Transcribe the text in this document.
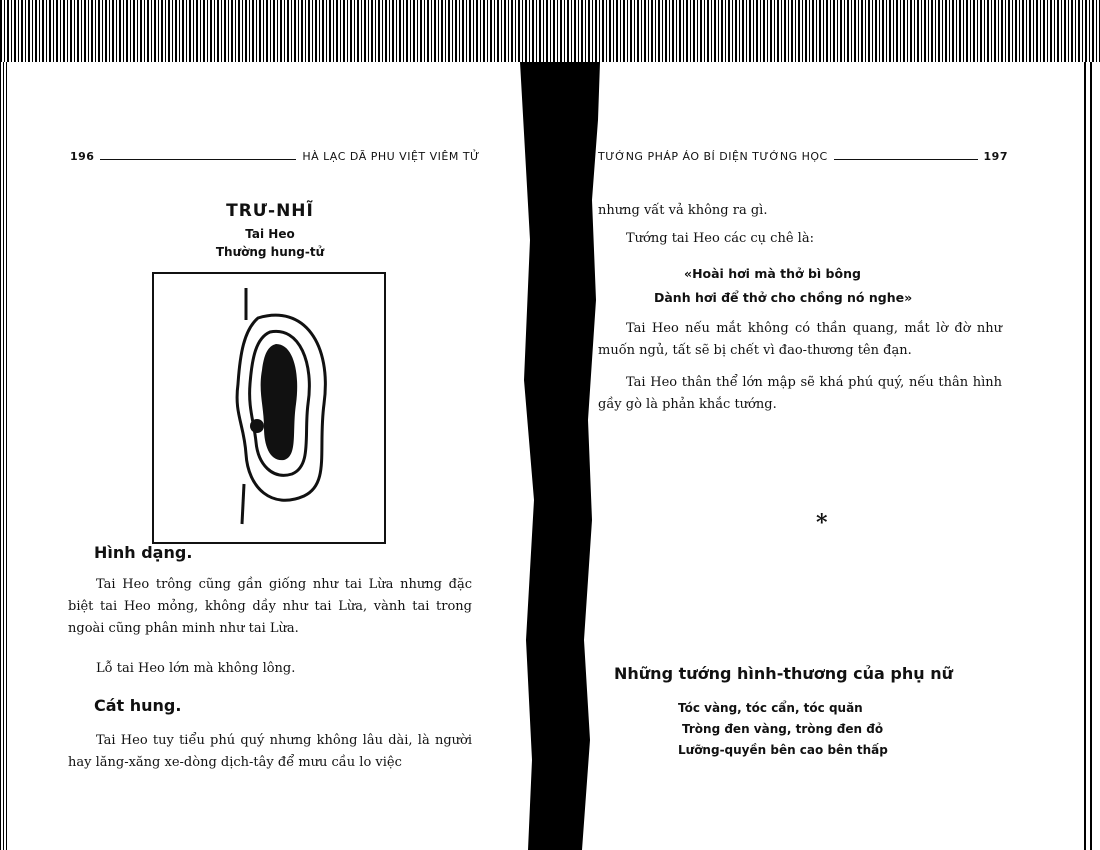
196	HÀ LẠC DÃ PHU VIỆT VIÊM TỬ
TRƯ-NHĨ
Tai Heo
Thường hung-tử
Hình dạng.

Tai Heo trông cũng gần giống như tai Lừa nhưng đặc biệt tai Heo mỏng, không dầy như tai Lừa, vành tai trong ngoài cũng phân minh như tai Lừa.

Lỗ tai Heo lớn mà không lông.

Cát hung.

Tai Heo tuy tiểu phú quý nhưng không lâu dài, là người hay lăng-xăng xe-dòng dịch-tây để mưu cầu lo việc

TƯỚNG PHÁP ÁO BÍ DIỆN TƯỚNG HỌC	197

nhưng vất vả không ra gì.

Tướng tai Heo các cụ chê là:

«Hoài hơi mà thở bì bông
Dành hơi để thở cho chồng nó nghe»

Tai Heo nếu mắt không có thần quang, mắt lờ đờ như muốn ngủ, tất sẽ bị chết vì đao-thương tên đạn.

Tai Heo thân thể lớn mập sẽ khá phú quý, nếu thân hình gầy gò là phản khắc tướng.

*
Những tướng hình-thương của phụ nữ
Tóc vàng, tóc cẩn, tóc quăn
Tròng đen vàng, tròng đen đỏ
Lưỡng-quyền bên cao bên thấp
